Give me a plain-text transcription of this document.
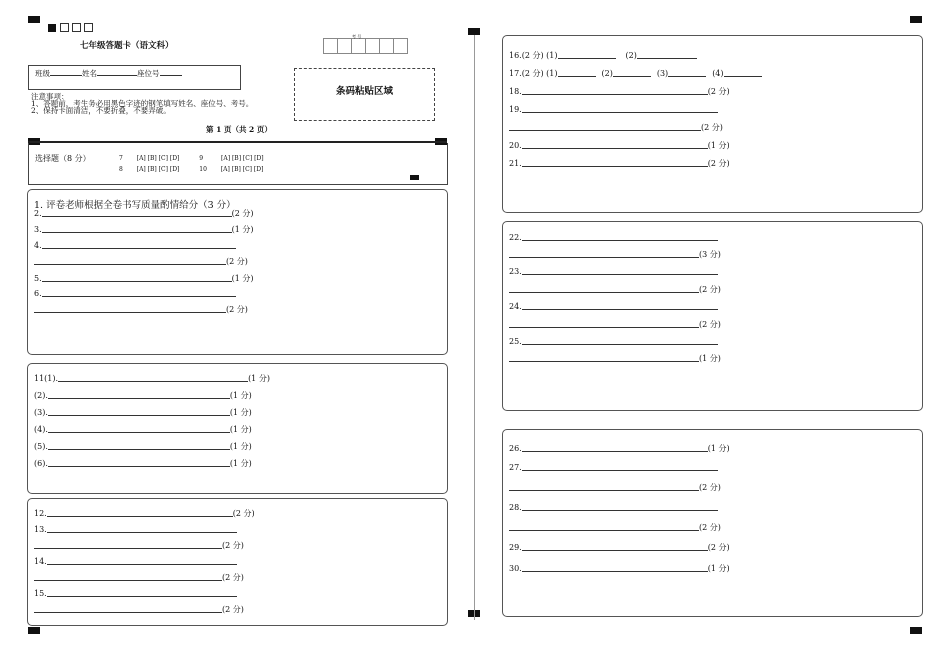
七年级答题卡（语文科）
班级	姓名	座位号
注意事项：
1、答题前，考生务必用黑色字迹的钢笔填写姓名、座位号、考号。
2、保持卡面清洁，不要折叠，不要弄破。
第 1 页（共 2 页）
考 号
条码粘贴区域
选择题（8 分）	7 [A] [B] [C] [D]	9	[A] [B] [C] [D]
8 [A] [B] [C] [D]	10 [A] [B] [C] [D]
1. 评卷老师根据全卷书写质量酌情给分（3 分）
2.	(2 分)
3.	(1 分)
4.
(2 分)
5.	(1 分)
6.
(2 分)
11(1).	(1 分)
(2).	(1 分)
(3).	(1 分)
(4).	(1 分)
(5).	(1 分)
(6).	(1 分)
12.	(2 分)
13.
(2 分)
14.
(2 分)
15.
(2 分)
16.(2 分) (1)	(2)
17.(2 分) (1)	(2)	(3)	(4)
18.	(2 分)
19.
(2 分)
20.	(1 分)
21.	(2 分)
22.
(3 分)
23.
(2 分)
24.
(2 分)
25.
(1 分)
26.	(1 分)
27.
(2 分)
28.
(2 分)
29.	(2 分)
30.	(1 分)
